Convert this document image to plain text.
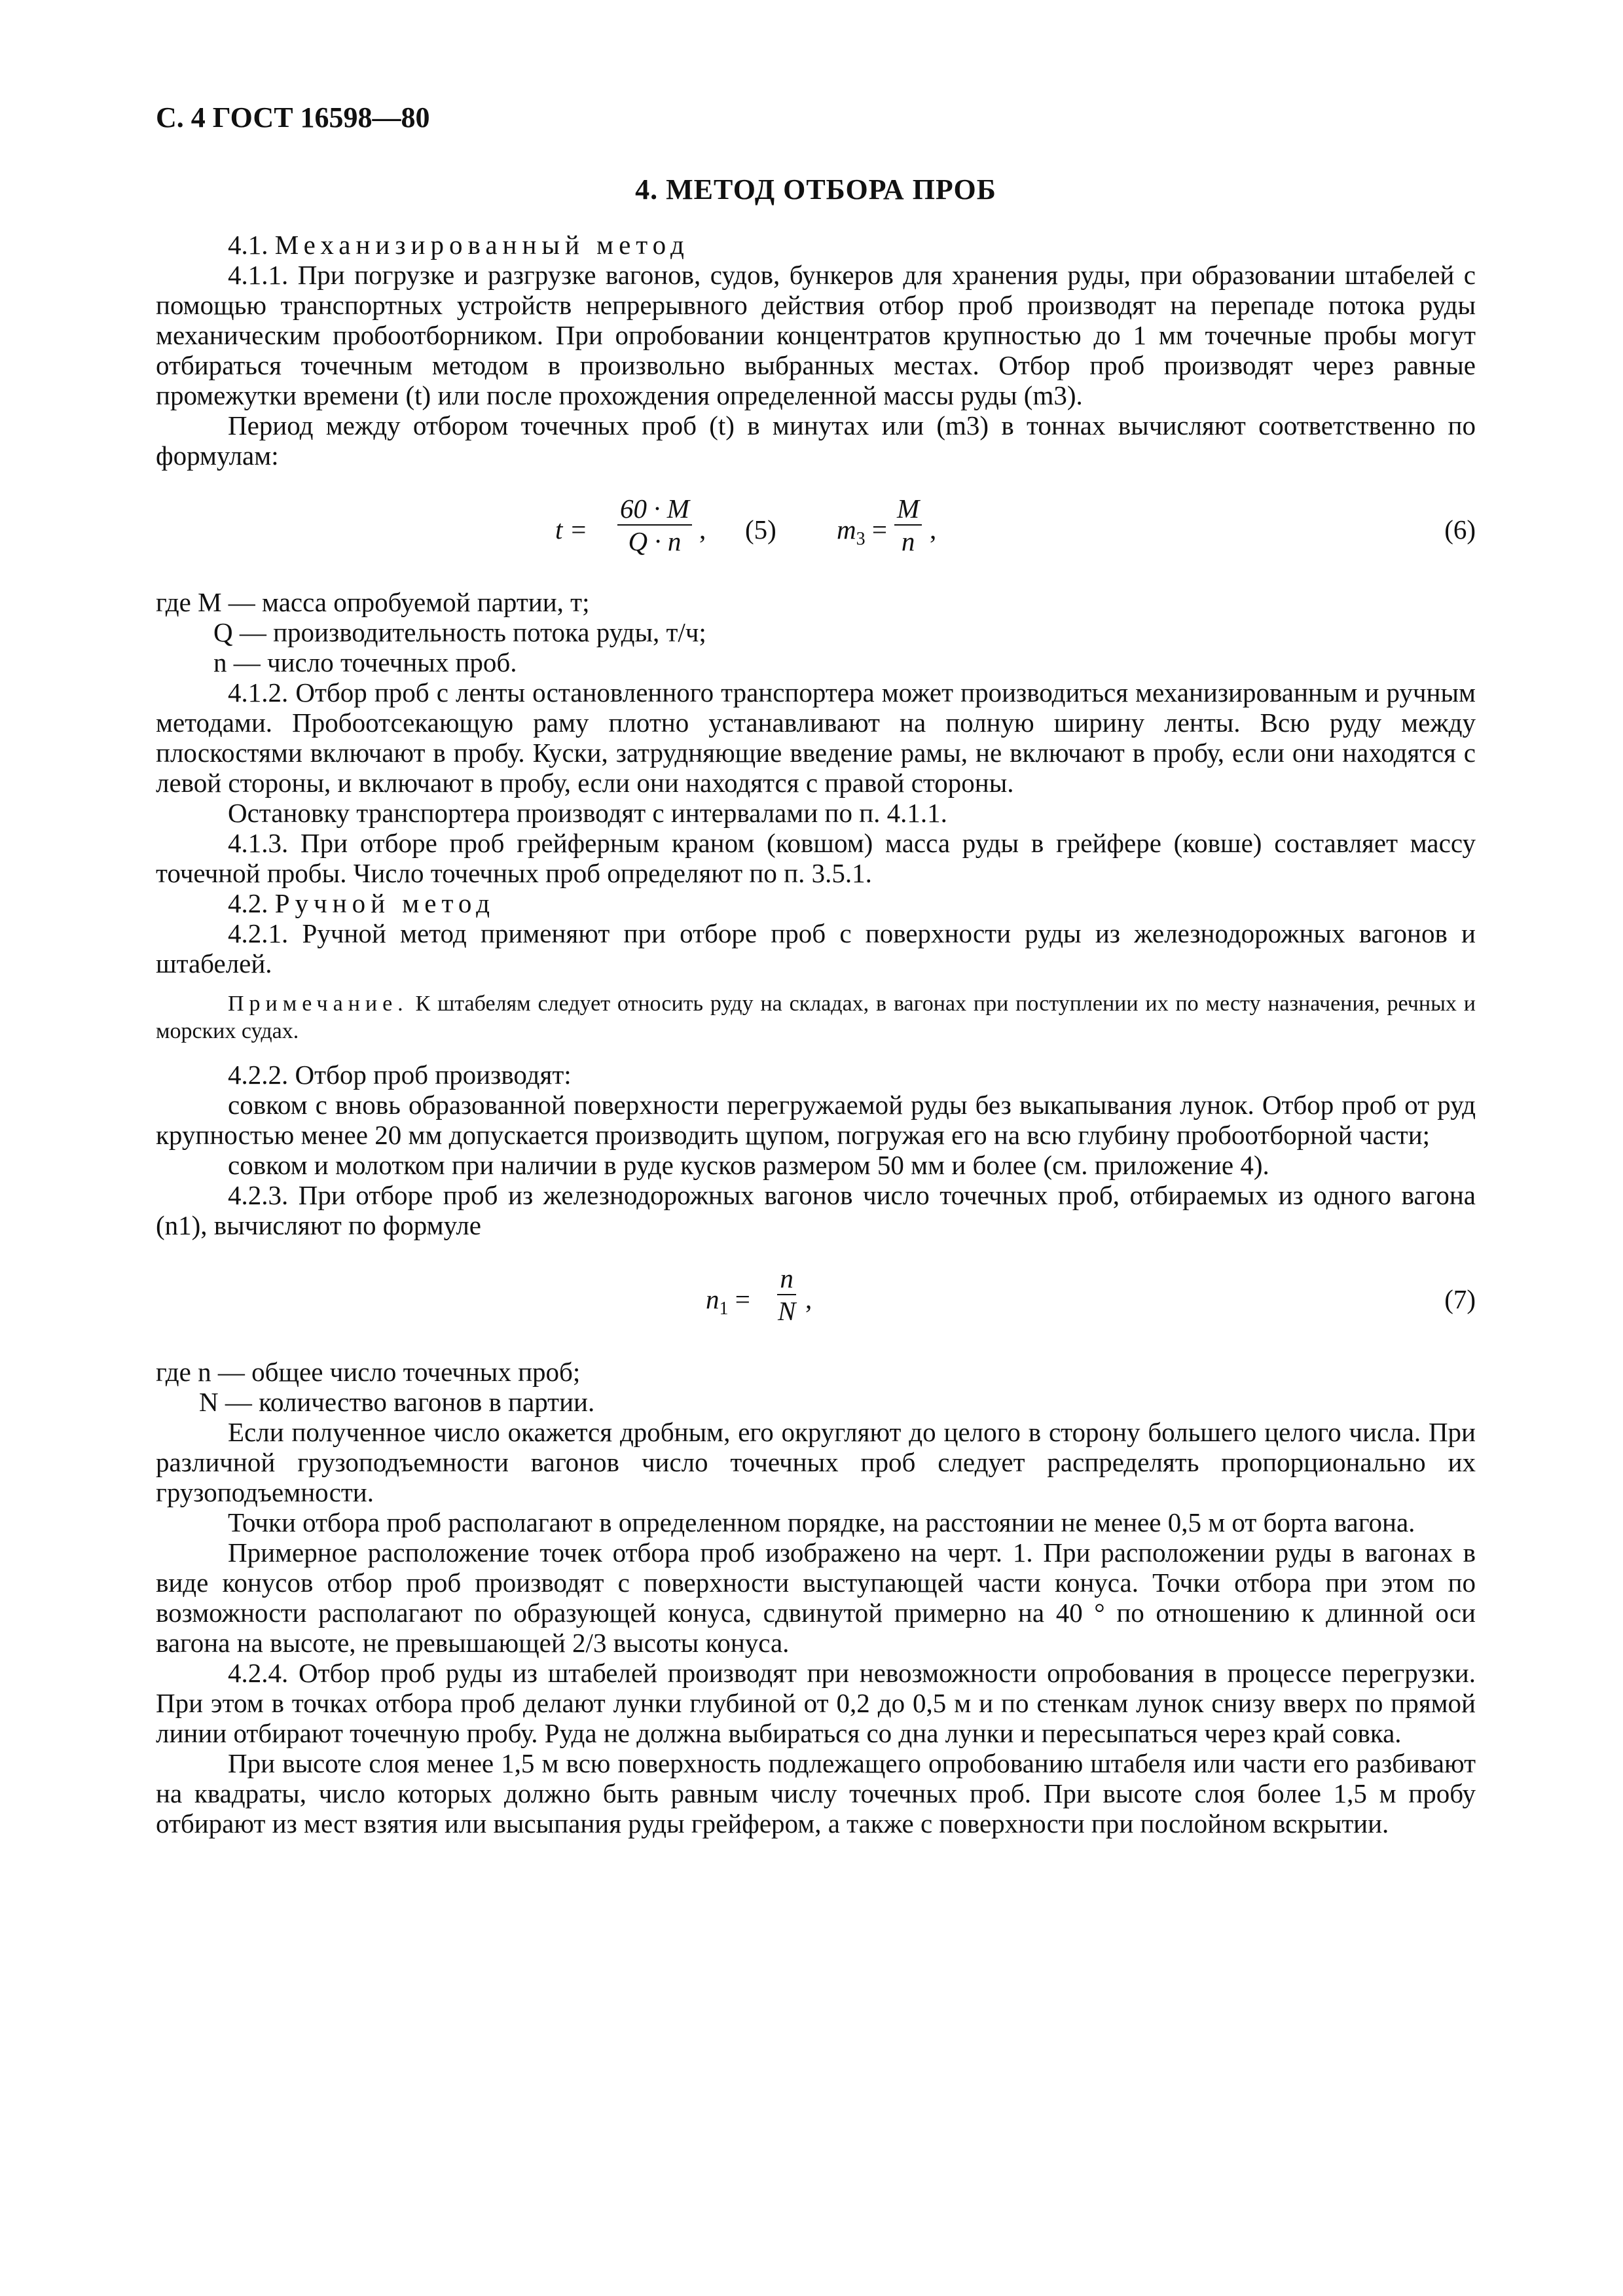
С. 4 ГОСТ 16598—80
4. МЕТОД ОТБОРА ПРОБ

4.1. Механизированный метод

4.1.1. При погрузке и разгрузке вагонов, судов, бункеров для хранения руды, при образовании штабелей с помощью транспортных устройств непрерывного действия отбор проб производят на перепаде потока руды механическим пробоотборником. При опробовании концентратов крупностью до 1 мм точечные пробы могут отбираться точечным методом в произвольно выбранных местах. Отбор проб производят через равные промежутки времени (t) или после прохождения определенной массы руды (m3).

Период между отбором точечных проб (t) в минутах или (m3) в тоннах вычисляют соответственно по формулам:

$t = \frac{60 \cdot M}{Q \cdot n}$ , (5) $m_3 = \frac{M}{n}$ ,	(6)

где M — масса опробуемой партии, т;

Q — производительность потока руды, т/ч;

n — число точечных проб.

4.1.2. Отбор проб с ленты остановленного транспортера может производиться механизированным и ручным методами. Пробоотсекающую раму плотно устанавливают на полную ширину ленты. Всю руду между плоскостями включают в пробу. Куски, затрудняющие введение рамы, не включают в пробу, если они находятся с левой стороны, и включают в пробу, если они находятся с правой стороны.

Остановку транспортера производят с интервалами по п. 4.1.1.

4.1.3. При отборе проб грейферным краном (ковшом) масса руды в грейфере (ковше) составляет массу точечной пробы. Число точечных проб определяют по п. 3.5.1.

4.2. Ручной метод

4.2.1. Ручной метод применяют при отборе проб с поверхности руды из железнодорожных вагонов и штабелей.

Примечание. К штабелям следует относить руду на складах, в вагонах при поступлении их по месту назначения, речных и морских судах.

4.2.2. Отбор проб производят:

совком с вновь образованной поверхности перегружаемой руды без выкапывания лунок. Отбор проб от руд крупностью менее 20 мм допускается производить щупом, погружая его на всю глубину пробоотборной части;

совком и молотком при наличии в руде кусков размером 50 мм и более (см. приложение 4).

4.2.3. При отборе проб из железнодорожных вагонов число точечных проб, отбираемых из одного вагона (n1), вычисляют по формуле

$n_1 = \frac{n}{N}$ ,	(7)

где n — общее число точечных проб;

N — количество вагонов в партии.

Если полученное число окажется дробным, его округляют до целого в сторону большего целого числа. При различной грузоподъемности вагонов число точечных проб следует распределять пропорционально их грузоподъемности.

Точки отбора проб располагают в определенном порядке, на расстоянии не менее 0,5 м от борта вагона.

Примерное расположение точек отбора проб изображено на черт. 1. При расположении руды в вагонах в виде конусов отбор проб производят с поверхности выступающей части конуса. Точки отбора при этом по возможности располагают по образующей конуса, сдвинутой примерно на 40 ° по отношению к длинной оси вагона на высоте, не превышающей 2/3 высоты конуса.

4.2.4. Отбор проб руды из штабелей производят при невозможности опробования в процессе перегрузки. При этом в точках отбора проб делают лунки глубиной от 0,2 до 0,5 м и по стенкам лунок снизу вверх по прямой линии отбирают точечную пробу. Руда не должна выбираться со дна лунки и пересыпаться через край совка.

При высоте слоя менее 1,5 м всю поверхность подлежащего опробованию штабеля или части его разбивают на квадраты, число которых должно быть равным числу точечных проб. При высоте слоя более 1,5 м пробу отбирают из мест взятия или высыпания руды грейфером, а также с поверхности при послойном вскрытии.
